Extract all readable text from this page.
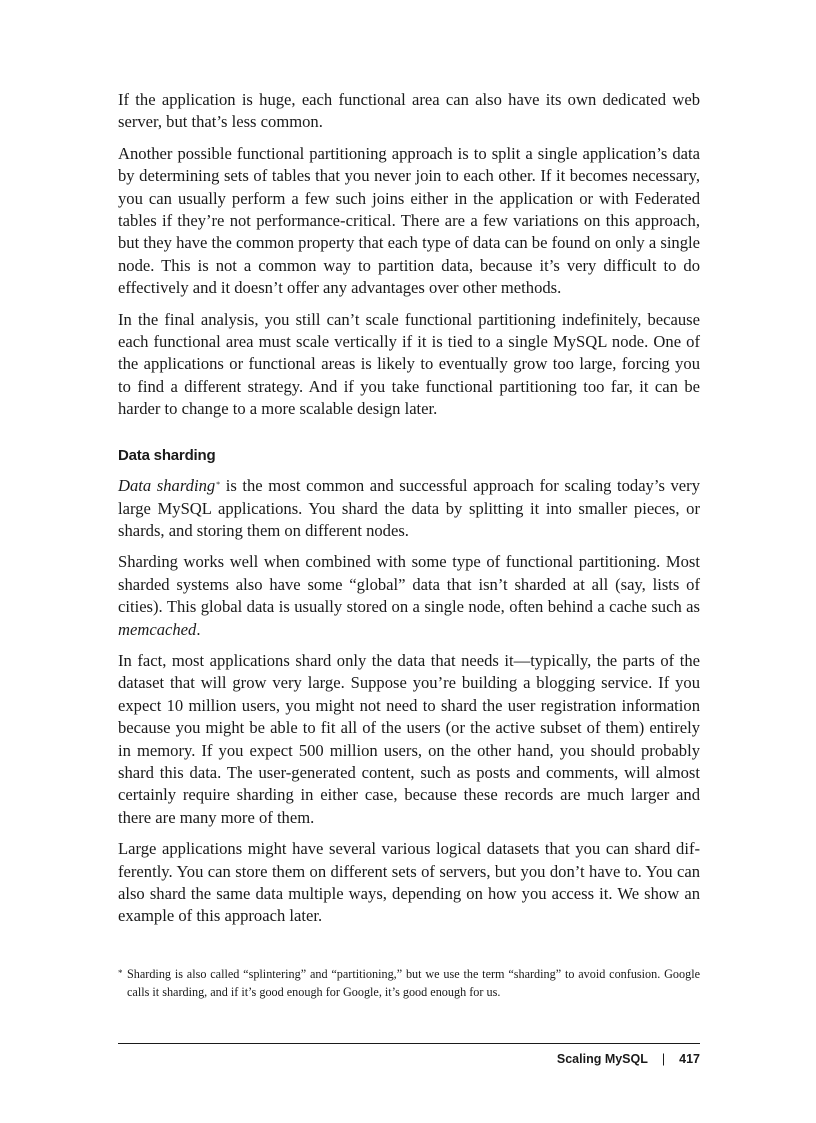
If the application is huge, each functional area can also have its own dedicated web server, but that’s less common.

Another possible functional partitioning approach is to split a single application’s data by determining sets of tables that you never join to each other. If it becomes necessary, you can usually perform a few such joins either in the application or with Federated tables if they’re not performance-critical. There are a few variations on this approach, but they have the common property that each type of data can be found on only a single node. This is not a common way to partition data, because it’s very difficult to do effectively and it doesn’t offer any advantages over other methods.

In the final analysis, you still can’t scale functional partitioning indefinitely, because each functional area must scale vertically if it is tied to a single MySQL node. One of the applications or functional areas is likely to eventually grow too large, forcing you to find a different strategy. And if you take functional partitioning too far, it can be harder to change to a more scalable design later.

Data sharding

Data sharding* is the most common and successful approach for scaling today’s very large MySQL applications. You shard the data by splitting it into smaller pieces, or shards, and storing them on different nodes.

Sharding works well when combined with some type of functional partitioning. Most sharded systems also have some “global” data that isn’t sharded at all (say, lists of cities). This global data is usually stored on a single node, often behind a cache such as memcached.

In fact, most applications shard only the data that needs it—typically, the parts of the dataset that will grow very large. Suppose you’re building a blogging service. If you expect 10 million users, you might not need to shard the user registration information because you might be able to fit all of the users (or the active subset of them) entirely in memory. If you expect 500 million users, on the other hand, you should probably shard this data. The user-generated content, such as posts and comments, will almost certainly require sharding in either case, because these records are much larger and there are many more of them.

Large applications might have several various logical datasets that you can shard differently. You can store them on different sets of servers, but you don’t have to. You can also shard the same data multiple ways, depending on how you access it. We show an example of this approach later.

* Sharding is also called “splintering” and “partitioning,” but we use the term “sharding” to avoid confusion. Google calls it sharding, and if it’s good enough for Google, it’s good enough for us.
Scaling MySQL | 417
